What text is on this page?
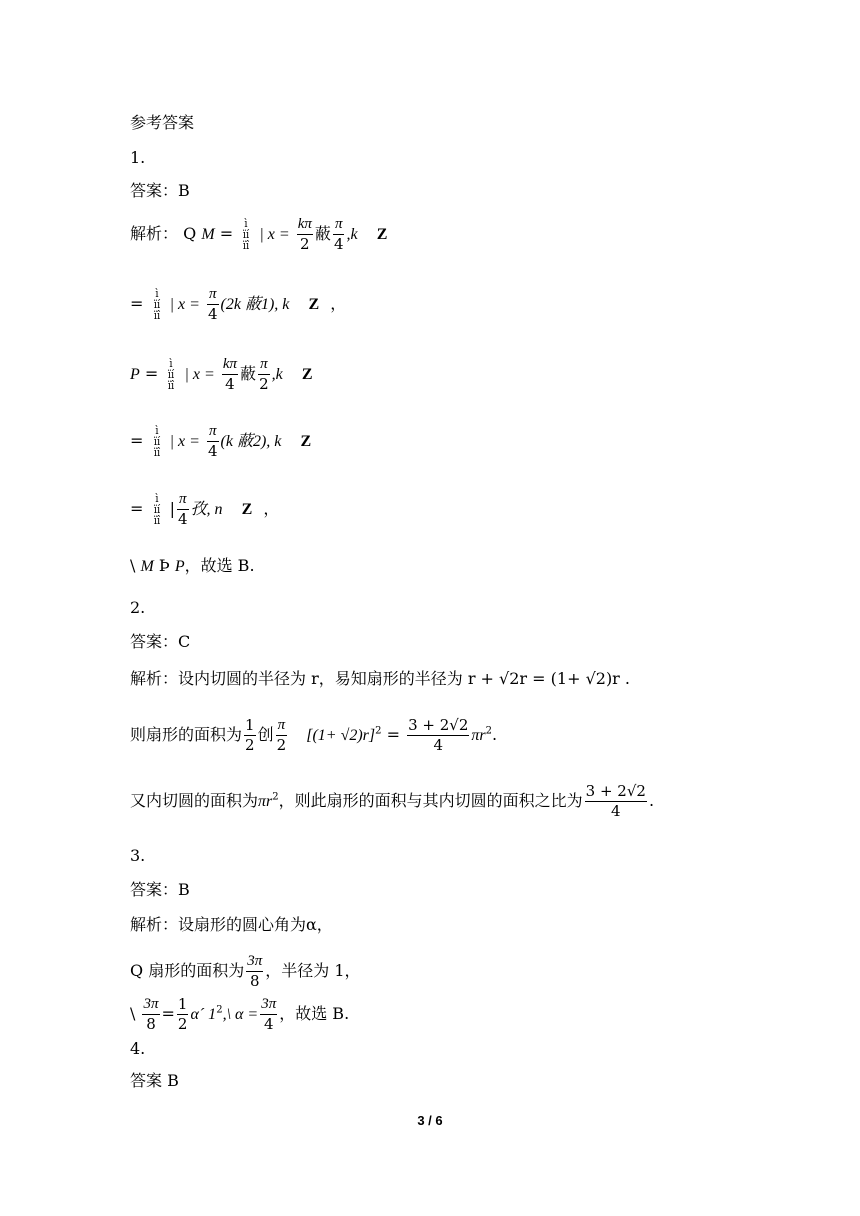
参考答案
1.
答案：B
解析： Q M = ì
ïí
ïî | $x = \frac{k\pi}{2}$ 蔽 $\frac{\pi}{4} ,k$ Z
= ì
ïí
ïî | $x = \frac{\pi}{4} (2k$ 蔽1), k Z ，
P = ì
ïí
ïî | $x = \frac{k\pi}{4}$ 蔽 $\frac{\pi}{2} ,k$ Z
= ì
ïí
ïî | $x = \frac{\pi}{4} (k$ 蔽2), k Z
= ì
ïí
ïî | $\frac{\pi}{4}$ 孜, n Z ，
\ M Þ P，故选 B.
2.
答案：C
解析：设内切圆的半径为 r，易知扇形的半径为 r + √2r = (1+ √2)r .
则扇形的面积为 $\frac{1}{2}$ 创 $\frac{\pi}{2} [(1+ √2)r]^2 = \frac{3 + 2√2}{4} \pi r^2$.
又内切圆的面积为$\pi r^2$，则此扇形的面积与其内切圆的面积之比为 $\frac{3 + 2√2}{4}$ .
3.
答案：B
解析：设扇形的圆心角为α，
Q 扇形的面积为 $\frac{3\pi}{8}$ ，半径为 1，
\ $\frac{3\pi}{8} = \frac{1}{2}$ α´ $1^2,\backslash$ $\alpha = \frac{3\pi}{4}$ ，故选 B.
4.
答案 B
3 / 6
